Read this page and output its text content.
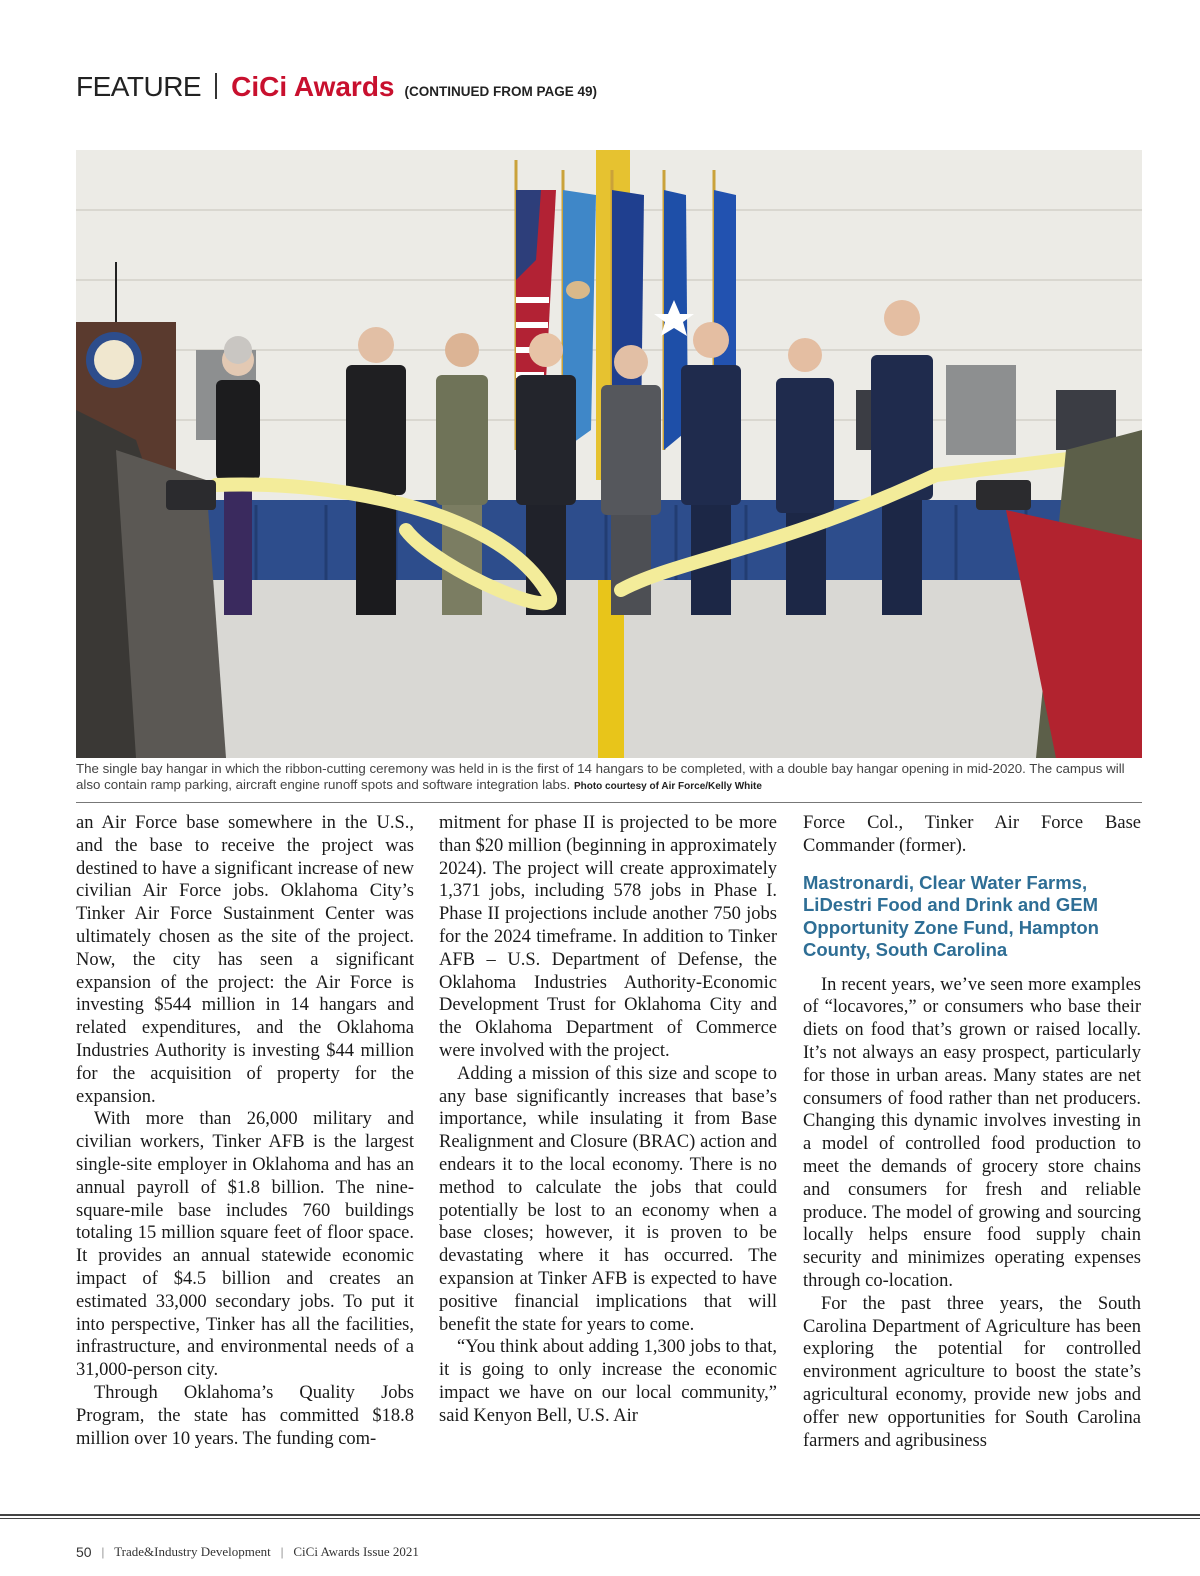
FEATURE CiCi Awards (CONTINUED FROM PAGE 49)
The single bay hangar in which the ribbon-cutting ceremony was held in is the first of 14 hangars to be completed, with a double bay hangar opening in mid-2020. The campus will also contain ramp parking, aircraft engine runoff spots and software integration labs. Photo courtesy of Air Force/Kelly White

an Air Force base somewhere in the U.S., and the base to receive the project was destined to have a significant increase of new civilian Air Force jobs. Oklahoma City’s Tinker Air Force Sustainment Center was ultimately chosen as the site of the project. Now, the city has seen a significant expansion of the project: the Air Force is investing $544 million in 14 hangars and related expenditures, and the Oklahoma Industries Authority is investing $44 million for the acquisition of property for the expansion.

With more than 26,000 military and civilian workers, Tinker AFB is the largest single-site employer in Oklahoma and has an annual payroll of $1.8 billion. The nine-square-mile base includes 760 buildings totaling 15 million square feet of floor space. It provides an annual statewide economic impact of $4.5 billion and creates an estimated 33,000 secondary jobs. To put it into perspective, Tinker has all the facilities, infrastructure, and environmental needs of a 31,000-person city.

Through Oklahoma’s Quality Jobs Program, the state has committed $18.8 million over 10 years. The funding com-

mitment for phase II is projected to be more than $20 million (beginning in approximately 2024). The project will create approximately 1,371 jobs, including 578 jobs in Phase I. Phase II projections include another 750 jobs for the 2024 timeframe. In addition to Tinker AFB – U.S. Department of Defense, the Oklahoma Industries Authority-Economic Development Trust for Oklahoma City and the Oklahoma Department of Commerce were involved with the project.

Adding a mission of this size and scope to any base significantly increases that base’s importance, while insulating it from Base Realignment and Closure (BRAC) action and endears it to the local economy. There is no method to calculate the jobs that could potentially be lost to an economy when a base closes; however, it is proven to be devastating where it has occurred. The expansion at Tinker AFB is expected to have positive financial implications that will benefit the state for years to come.

“You think about adding 1,300 jobs to that, it is going to only increase the economic impact we have on our local community,” said Kenyon Bell, U.S. Air

Force Col., Tinker Air Force Base Commander (former).

Mastronardi, Clear Water Farms, LiDestri Food and Drink and GEM Opportunity Zone Fund, Hampton County, South Carolina

In recent years, we’ve seen more examples of “locavores,” or consumers who base their diets on food that’s grown or raised locally. It’s not always an easy prospect, particularly for those in urban areas. Many states are net consumers of food rather than net producers. Changing this dynamic involves investing in a model of controlled food production to meet the demands of grocery store chains and consumers for fresh and reliable produce. The model of growing and sourcing locally helps ensure food supply chain security and minimizes operating expenses through co-location.

For the past three years, the South Carolina Department of Agriculture has been exploring the potential for controlled environment agriculture to boost the state’s agricultural economy, provide new jobs and offer new opportunities for South Carolina farmers and agribusiness

50 | Trade&Industry Development | CiCi Awards Issue 2021
